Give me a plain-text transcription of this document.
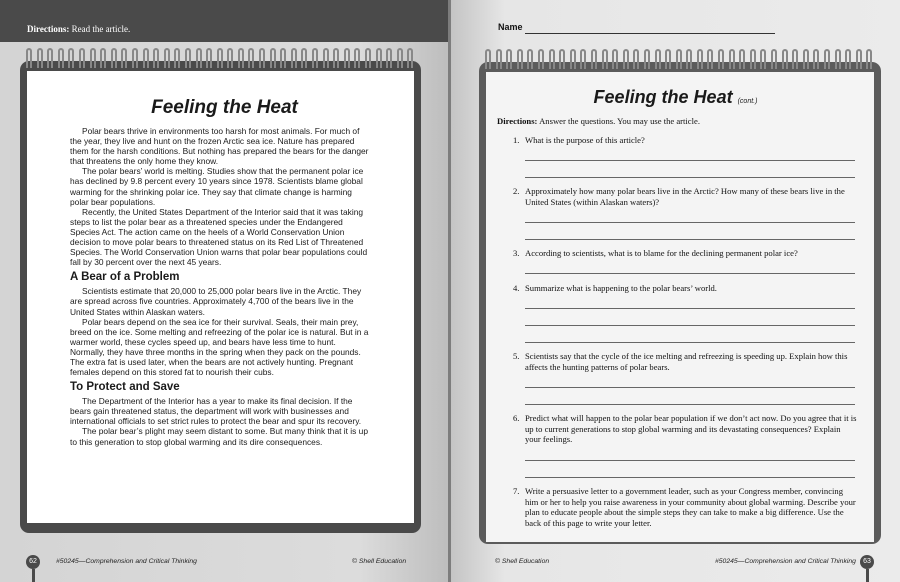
Directions: Read the article.
Feeling the Heat

Polar bears thrive in environments too harsh for most animals. For much of the year, they live and hunt on the frozen Arctic sea ice. Nature has prepared them for the harsh conditions. But nothing has prepared the bears for the danger that threatens the only home they know.

The polar bears’ world is melting. Studies show that the permanent polar ice has declined by 9.8 percent every 10 years since 1978. Scientists blame global warming for the shrinking polar ice. They say that climate change is harming polar bear populations.

Recently, the United States Department of the Interior said that it was taking steps to list the polar bear as a threatened species under the Endangered Species Act. The action came on the heels of a World Conservation Union decision to move polar bears to threatened status on its Red List of Threatened Species. The World Conservation Union warns that polar bear populations could fall by 30 percent over the next 45 years.

A Bear of a Problem

Scientists estimate that 20,000 to 25,000 polar bears live in the Arctic. They are spread across five countries. Approximately 4,700 of the bears live in the United States within Alaskan waters.

Polar bears depend on the sea ice for their survival. Seals, their main prey, breed on the ice. Some melting and refreezing of the polar ice is natural. But in a warmer world, these cycles speed up, and bears have less time to hunt. Normally, they have three months in the spring when they pack on the pounds. The extra fat is used later, when the bears are not actively hunting. Pregnant females depend on this stored fat to nourish their cubs.

To Protect and Save

The Department of the Interior has a year to make its final decision. If the bears gain threatened status, the department will work with businesses and international officials to set strict rules to protect the bear and spur its recovery.

The polar bear’s plight may seem distant to some. But many think that it is up to this generation to stop global warming and its dire consequences.

62	#50245—Comprehension and Critical Thinking	© Shell Education
Name
Feeling the Heat (cont.)
Directions: Answer the questions. You may use the article.
1. What is the purpose of this article?
2. Approximately how many polar bears live in the Arctic? How many of these bears live in the United States (within Alaskan waters)?
3. According to scientists, what is to blame for the declining permanent polar ice?
4. Summarize what is happening to the polar bears’ world.
5. Scientists say that the cycle of the ice melting and refreezing is speeding up. Explain how this affects the hunting patterns of polar bears.
6. Predict what will happen to the polar bear population if we don’t act now. Do you agree that it is up to current generations to stop global warming and its devastating consequences? Explain your feelings.
7. Write a persuasive letter to a government leader, such as your Congress member, convincing him or her to help you raise awareness in your community about global warming. Describe your plan to educate people about the simple steps they can take to make a big difference. Use the back of this page to write your letter.
© Shell Education	#50245—Comprehension and Critical Thinking	63
